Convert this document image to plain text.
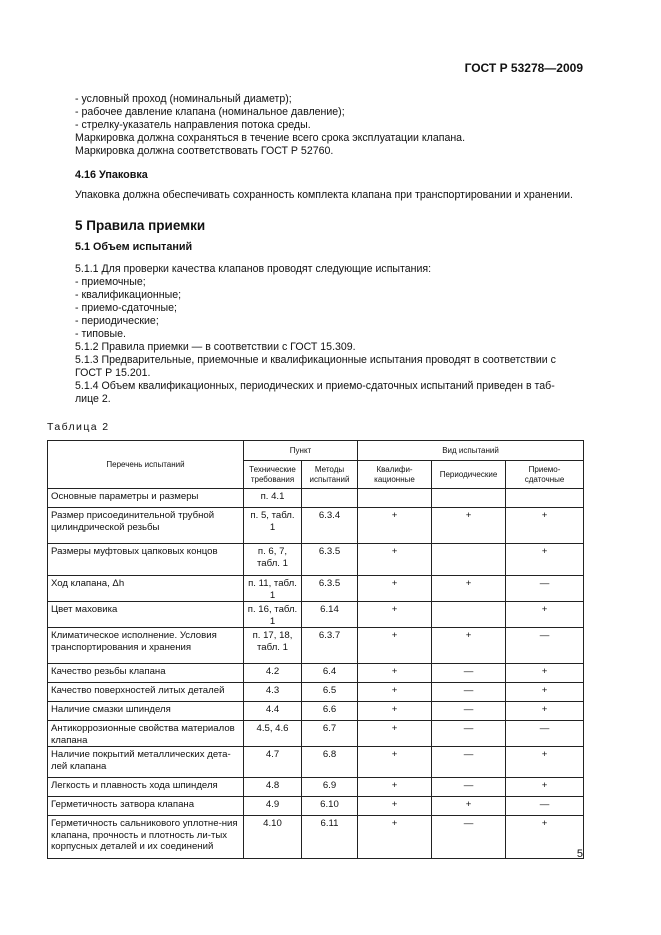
ГОСТ Р 53278—2009
- условный проход (номинальный диаметр);
- рабочее давление клапана (номинальное давление);
- стрелку-указатель направления потока среды.
Маркировка должна сохраняться в течение всего срока эксплуатации клапана.
Маркировка должна соответствовать ГОСТ Р 52760.
4.16 Упаковка
Упаковка должна обеспечивать сохранность комплекта клапана при транспортировании и хранении.
5 Правила приемки
5.1 Объем испытаний
5.1.1 Для проверки качества клапанов проводят следующие испытания:
- приемочные;
- квалификационные;
- приемо-сдаточные;
- периодические;
- типовые.
5.1.2 Правила приемки — в соответствии с ГОСТ 15.309.
5.1.3 Предварительные, приемочные и квалификационные испытания проводят в соответствии с
ГОСТ Р 15.201.
5.1.4 Объем квалификационных, периодических и приемо-сдаточных испытаний приведен в таб-
лице 2.
Таблица 2
Перечень испытаний	Пункт		Вид испытаний		
	Технические требования	Методы испытаний	Квалифи-кационные	Периодические	Приемо-сдаточные
Основные параметры и размеры	п. 4.1				
Размер присоединительной трубной цилиндрической резьбы	п. 5, табл. 1	6.3.4	+	+	+
Размеры муфтовых цапковых концов	п. 6, 7, табл. 1	6.3.5	+		+
Ход клапана, Δh	п. 11, табл. 1	6.3.5	+	+	—
Цвет маховика	п. 16, табл. 1	6.14	+		+
Климатическое исполнение. Условия транспортирования и хранения	п. 17, 18, табл. 1	6.3.7	+	+	—
Качество резьбы клапана	4.2	6.4	+	—	+
Качество поверхностей литых деталей	4.3	6.5	+	—	+
Наличие смазки шпинделя	4.4	6.6	+	—	+
Антикоррозионные свойства материалов клапана	4.5, 4.6	6.7	+	—	—
Наличие покрытий металлических дета-лей клапана	4.7	6.8	+	—	+
Легкость и плавность хода шпинделя	4.8	6.9	+	—	+
Герметичность затвора клапана	4.9	6.10	+	+	—
Герметичность сальникового уплотне-ния клапана, прочность и плотность ли-тых корпусных деталей и их соединений	4.10	6.11	+	—	+
5
